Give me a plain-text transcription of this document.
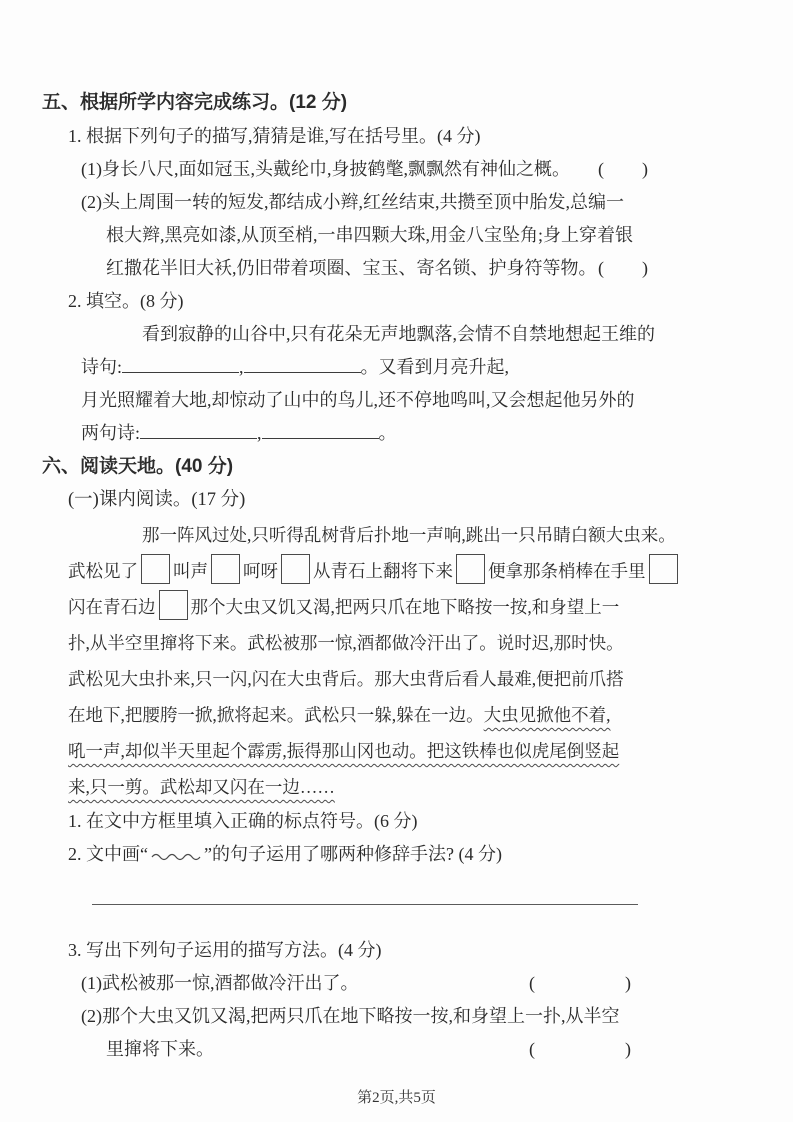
五、根据所学内容完成练习。(12 分)
1. 根据下列句子的描写,猜猜是谁,写在括号里。(4 分)
(1)身长八尺,面如冠玉,头戴纶巾,身披鹤氅,飘飘然有神仙之概。 ( )
(2)头上周围一转的短发,都结成小辫,红丝结束,共攒至顶中胎发,总编一
根大辫,黑亮如漆,从顶至梢,一串四颗大珠,用金八宝坠角;身上穿着银
红撒花半旧大袄,仍旧带着项圈、宝玉、寄名锁、护身符等物。 ( )
2. 填空。(8 分)
看到寂静的山谷中,只有花朵无声地飘落,会情不自禁地想起王维的
诗句:	,	。又看到月亮升起,
月光照耀着大地,却惊动了山中的鸟儿,还不停地鸣叫,又会想起他另外的
两句诗:	,	。
六、阅读天地。(40 分)
(一)课内阅读。(17 分)
那一阵风过处,只听得乱树背后扑地一声响,跳出一只吊睛白额大虫来。
武松见了 叫声 呵呀 从青石上翻将下来 便拿那条梢棒在手里
闪在青石边 那个大虫又饥又渴,把两只爪在地下略按一按,和身望上一
扑,从半空里撺将下来。武松被那一惊,酒都做冷汗出了。说时迟,那时快。
武松见大虫扑来,只一闪,闪在大虫背后。那大虫背后看人最难,便把前爪搭
在地下,把腰胯一掀,掀将起来。武松只一躲,躲在一边。大虫见掀他不着,
吼一声,却似半天里起个霹雳,振得那山冈也动。把这铁棒也似虎尾倒竖起
来,只一剪。武松却又闪在一边……
1. 在文中方框里填入正确的标点符号。(6 分)
2. 文中画“	”的句子运用了哪两种修辞手法? (4 分)
3. 写出下列句子运用的描写方法。(4 分)
(1)武松被那一惊,酒都做冷汗出了。	(	)
(2)那个大虫又饥又渴,把两只爪在地下略按一按,和身望上一扑,从半空
里撺将下来。	(	)
第2页,共5页
